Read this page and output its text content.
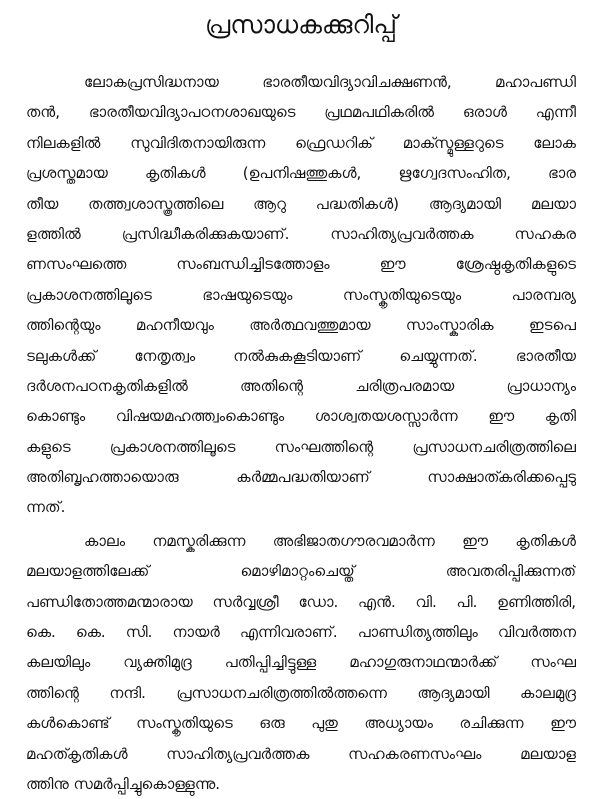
പ്രസാധകക്കുറിപ്പ്

ലോകപ്രസിദ്ധനായ ഭാരതീയവിദ്യാവിചക്ഷണൻ, മഹാപണ്ഡി
തൻ, ഭാരതീയവിദ്യാപഠനശാഖയുടെ പ്രഥമപഥികരിൽ ഒരാൾ എന്നീ
നിലകളിൽ സുവിദിതനായിരുന്ന ഫ്രെഡറിക് മാക്സ്മുള്ളറുടെ ലോക
പ്രശസ്തമായ കൃതികൾ (ഉപനിഷത്തുകൾ, ഋഗ്വേദസംഹിത, ഭാര
തീയ തത്ത്വശാസ്ത്രത്തിലെ ആറു പദ്ധതികൾ) ആദ്യമായി മലയാ
ളത്തിൽ പ്രസിദ്ധീകരിക്കുകയാണ്. സാഹിത്യപ്രവർത്തക സഹകര
ണസംഘത്തെ സംബന്ധിച്ചിടത്തോളം ഈ ശ്രേഷ്ഠകൃതികളുടെ
പ്രകാശനത്തിലൂടെ ഭാഷയുടെയും സംസ്കൃതിയുടെയും പാരമ്പര്യ
ത്തിന്റെയും മഹനീയവും അർത്ഥവത്തുമായ സാംസ്കാരിക ഇടപെ
ടലുകൾക്ക് നേതൃത്വം നൽകുകകൂടിയാണ് ചെയ്യുന്നത്. ഭാരതീയ
ദർശനപഠനകൃതികളിൽ അതിന്റെ ചരിത്രപരമായ പ്രാധാന്യം
കൊണ്ടും വിഷയമഹത്ത്വംകൊണ്ടും ശാശ്വതയശസ്സാർന്ന ഈ കൃതി
കളുടെ പ്രകാശനത്തിലൂടെ സംഘത്തിന്റെ പ്രസാധനചരിത്രത്തിലെ
അതിബൃഹത്തായൊരു കർമ്മപദ്ധതിയാണ് സാക്ഷാത്കരിക്കപ്പെടു
ന്നത്.

കാലം നമസ്കരിക്കുന്ന അഭിജാതഗൗരവമാർന്ന ഈ കൃതികൾ
മലയാളത്തിലേക്ക് മൊഴിമാറ്റംചെയ്ത് അവതരിപ്പിക്കുന്നത്
പണ്ഡിതോത്തമന്മാരായ സർവ്വശ്രീ ഡോ. എൻ. വി. പി. ഉണിത്തിരി,
കെ. കെ. സി. നായർ എന്നിവരാണ്. പാണ്ഡിത്യത്തിലും വിവർത്തന
കലയിലും വ്യക്തിമുദ്ര പതിപ്പിച്ചിട്ടുള്ള മഹാഗുരുനാഥന്മാർക്ക് സംഘ
ത്തിന്റെ നന്ദി. പ്രസാധനചരിത്രത്തിൽത്തന്നെ ആദ്യമായി കാലമുദ്ര
കൾകൊണ്ട് സംസ്കൃതിയുടെ ഒരു പുതു അധ്യായം രചിക്കുന്ന ഈ
മഹത്കൃതികൾ സാഹിത്യപ്രവർത്തക സഹകരണസംഘം മലയാള
ത്തിനു സമർപ്പിച്ചുകൊള്ളുന്നു.
